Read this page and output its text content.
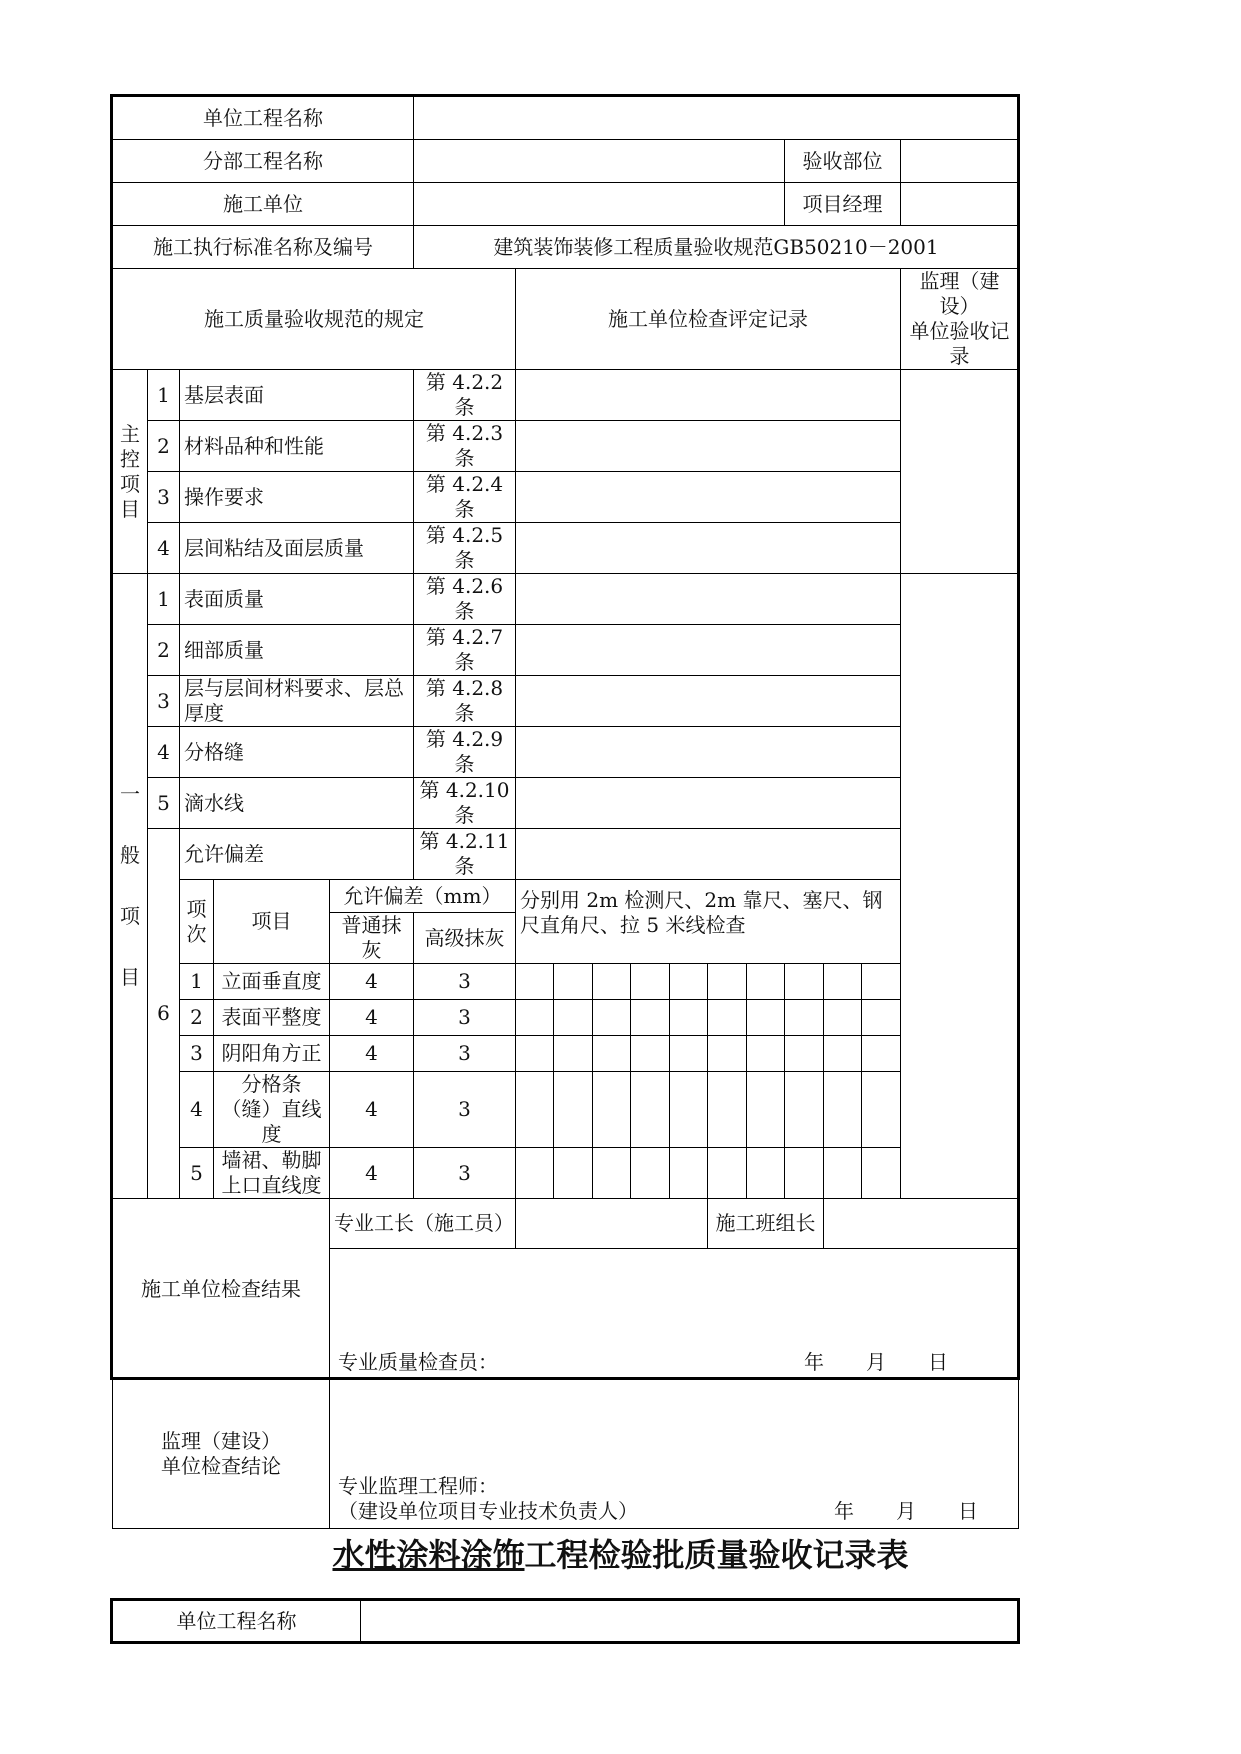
单位工程名称																
分部工程名称													验收部位			
施工单位													项目经理			
施工执行标准名称及编号					建筑装饰装修工程质量验收规范GB50210－2001											
施工质量验收规范的规定						施工单位检查评定记录										监理（建设）
单位验收记录
主
控
项
目	1	基层表面			第 4.2.2 条											
	2	材料品种和性能			第 4.2.3 条											
	3	操作要求			第 4.2.4 条											
	4	层间粘结及面层质量			第 4.2.5 条											
一
般
项
目	1	表面质量			第 4.2.6 条											
	2	细部质量			第 4.2.7 条											
	3	层与层间材料要求、层总厚度			第 4.2.8 条											
	4	分格缝			第 4.2.9 条											
	5	滴水线			第 4.2.10 条											
	6	允许偏差			第 4.2.11 条											
		项次	项目	允许偏差（mm）		分别用 2m 检测尺、2m 靠尺、塞尺、钢尺直角尺、拉 5 米线检查										
				普通抹灰	高级抹灰											
		1	立面垂直度	4	3											
		2	表面平整度	4	3											
		3	阴阳角方正	4	3											
		4	分格条（缝）直线度	4	3											
		5	墙裙、勒脚上口直线度	4	3											
施工单位检查结果				专业工长（施工员）							施工班组长					

				专业质量检查员： 年 月 日												

监理（建设）
单位检查结论				专业监理工程师：
（建设单位项目专业技术负责人） 年 月 日												
水性涂料涂饰工程检验批质量验收记录表
单位工程名称	
